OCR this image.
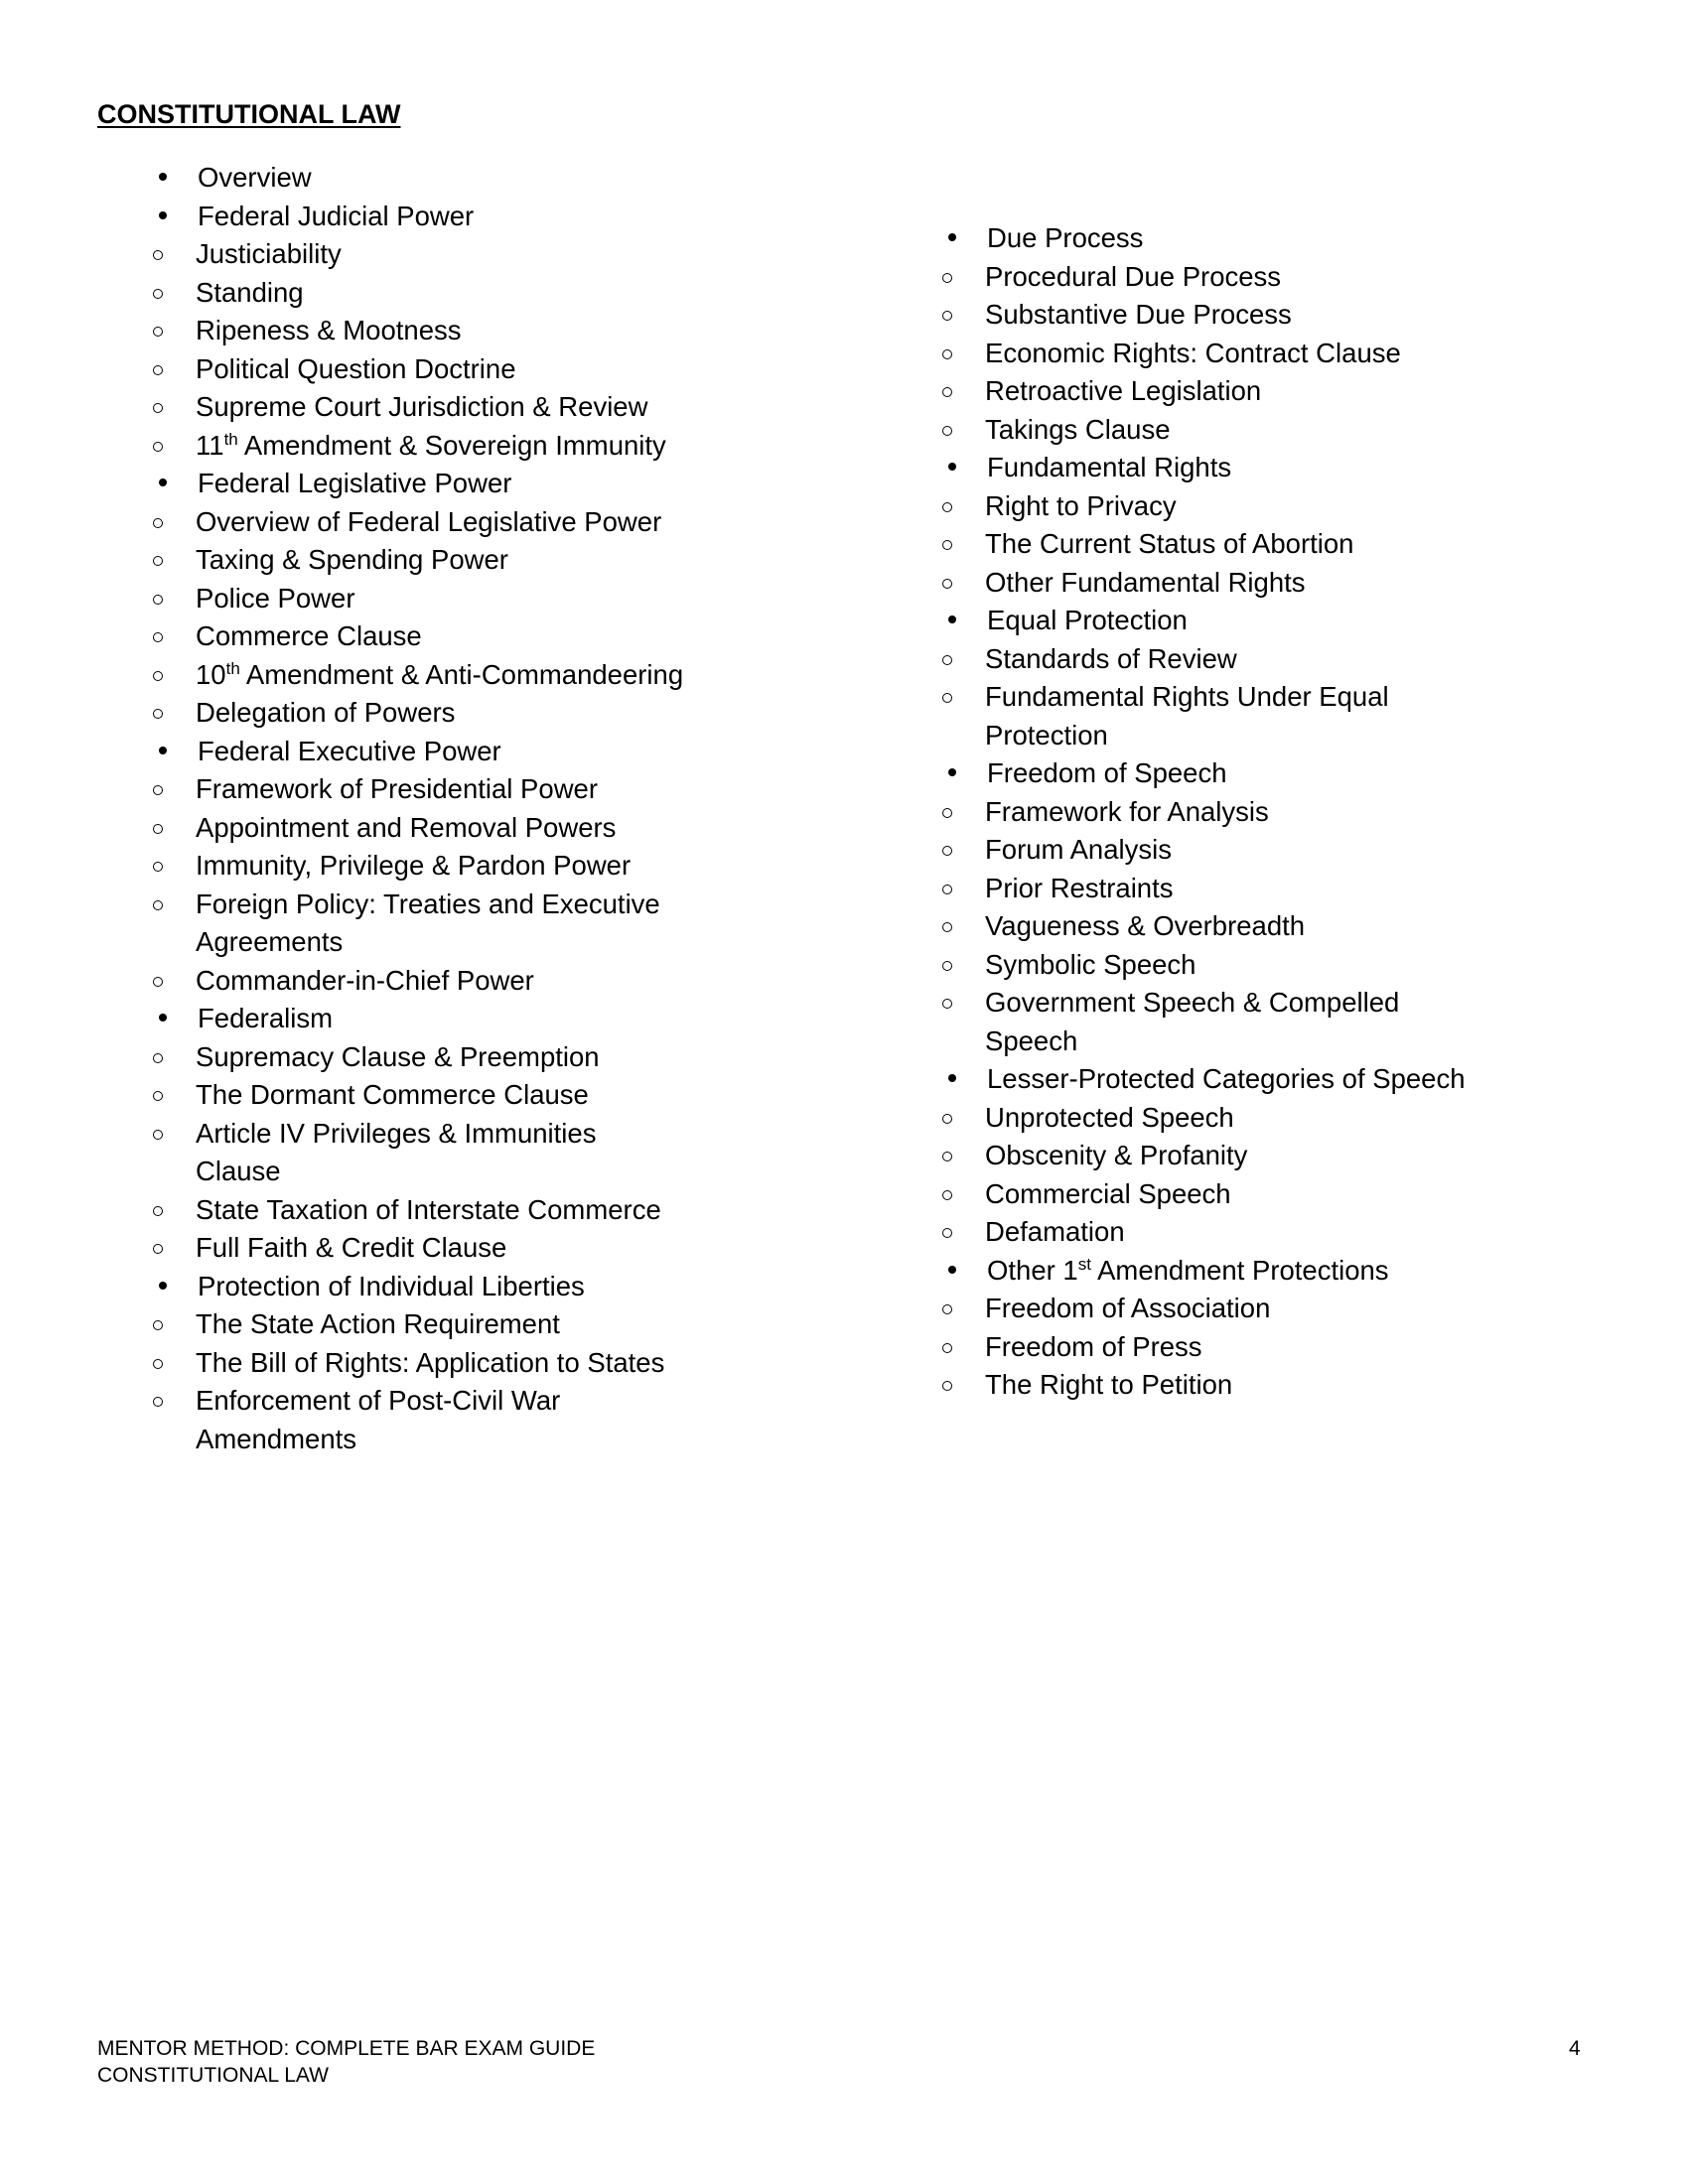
CONSTITUTIONAL LAW
Overview
Federal Judicial Power
Justiciability
Standing
Ripeness & Mootness
Political Question Doctrine
Supreme Court Jurisdiction & Review
11th Amendment & Sovereign Immunity
Federal Legislative Power
Overview of Federal Legislative Power
Taxing & Spending Power
Police Power
Commerce Clause
10th Amendment & Anti-Commandeering
Delegation of Powers
Federal Executive Power
Framework of Presidential Power
Appointment and Removal Powers
Immunity, Privilege & Pardon Power
Foreign Policy: Treaties and Executive
Agreements
Commander-in-Chief Power
Federalism
Supremacy Clause & Preemption
The Dormant Commerce Clause
Article IV Privileges & Immunities
Clause
State Taxation of Interstate Commerce
Full Faith & Credit Clause
Protection of Individual Liberties
The State Action Requirement
The Bill of Rights: Application to States
Enforcement of Post-Civil War
Amendments
Due Process
Procedural Due Process
Substantive Due Process
Economic Rights: Contract Clause
Retroactive Legislation
Takings Clause
Fundamental Rights
Right to Privacy
The Current Status of Abortion
Other Fundamental Rights
Equal Protection
Standards of Review
Fundamental Rights Under Equal
Protection
Freedom of Speech
Framework for Analysis
Forum Analysis
Prior Restraints
Vagueness & Overbreadth
Symbolic Speech
Government Speech & Compelled
Speech
Lesser-Protected Categories of Speech
Unprotected Speech
Obscenity & Profanity
Commercial Speech
Defamation
Other 1st Amendment Protections
Freedom of Association
Freedom of Press
The Right to Petition
MENTOR METHOD: COMPLETE BAR EXAM GUIDE
CONSTITUTIONAL LAW
4
